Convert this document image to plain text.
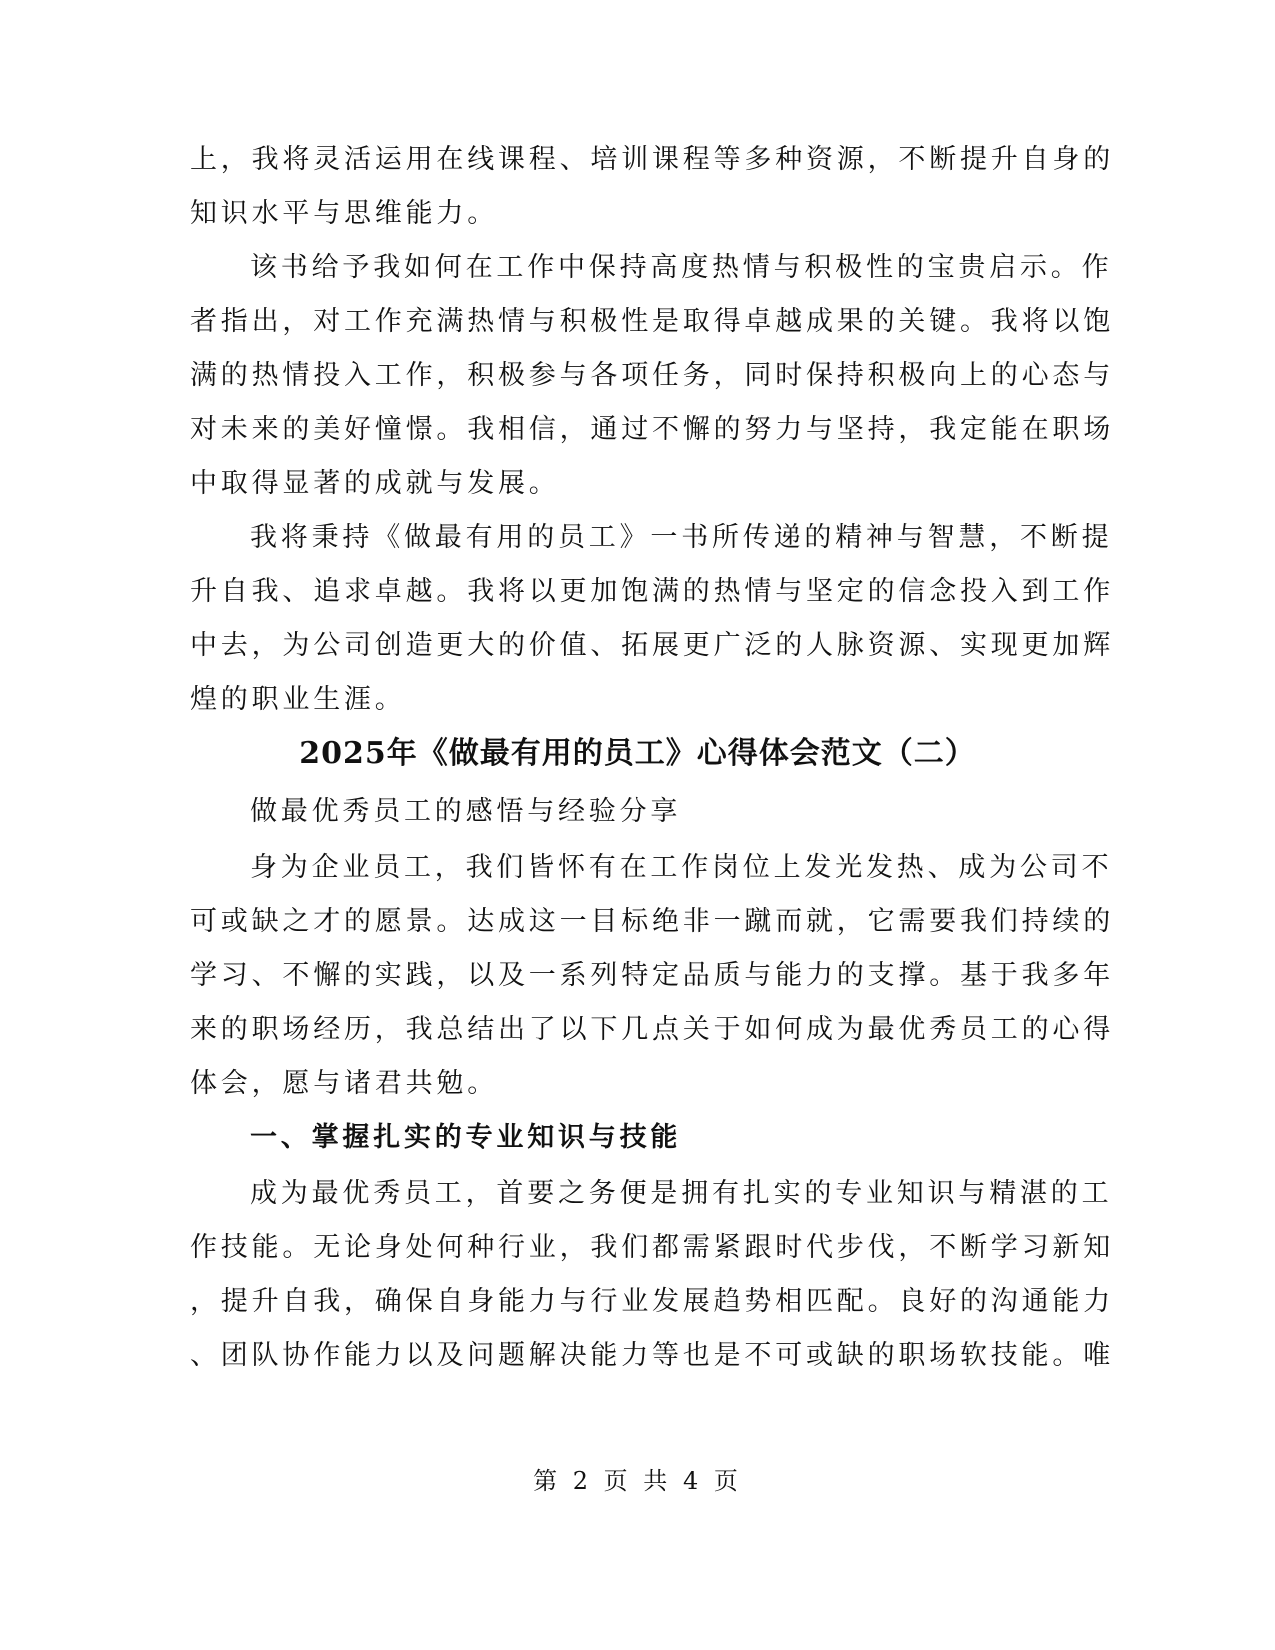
上，我将灵活运用在线课程、培训课程等多种资源，不断提升自身的
知识水平与思维能力。
该书给予我如何在工作中保持高度热情与积极性的宝贵启示。作
者指出，对工作充满热情与积极性是取得卓越成果的关键。我将以饱
满的热情投入工作，积极参与各项任务，同时保持积极向上的心态与
对未来的美好憧憬。我相信，通过不懈的努力与坚持，我定能在职场
中取得显著的成就与发展。
我将秉持《做最有用的员工》一书所传递的精神与智慧，不断提
升自我、追求卓越。我将以更加饱满的热情与坚定的信念投入到工作
中去，为公司创造更大的价值、拓展更广泛的人脉资源、实现更加辉
煌的职业生涯。
2025年《做最有用的员工》心得体会范文（二）
做最优秀员工的感悟与经验分享
身为企业员工，我们皆怀有在工作岗位上发光发热、成为公司不
可或缺之才的愿景。达成这一目标绝非一蹴而就，它需要我们持续的
学习、不懈的实践，以及一系列特定品质与能力的支撑。基于我多年
来的职场经历，我总结出了以下几点关于如何成为最优秀员工的心得
体会，愿与诸君共勉。
一、掌握扎实的专业知识与技能
成为最优秀员工，首要之务便是拥有扎实的专业知识与精湛的工
作技能。无论身处何种行业，我们都需紧跟时代步伐，不断学习新知
，提升自我，确保自身能力与行业发展趋势相匹配。良好的沟通能力
、团队协作能力以及问题解决能力等也是不可或缺的职场软技能。唯
第 2 页 共 4 页
